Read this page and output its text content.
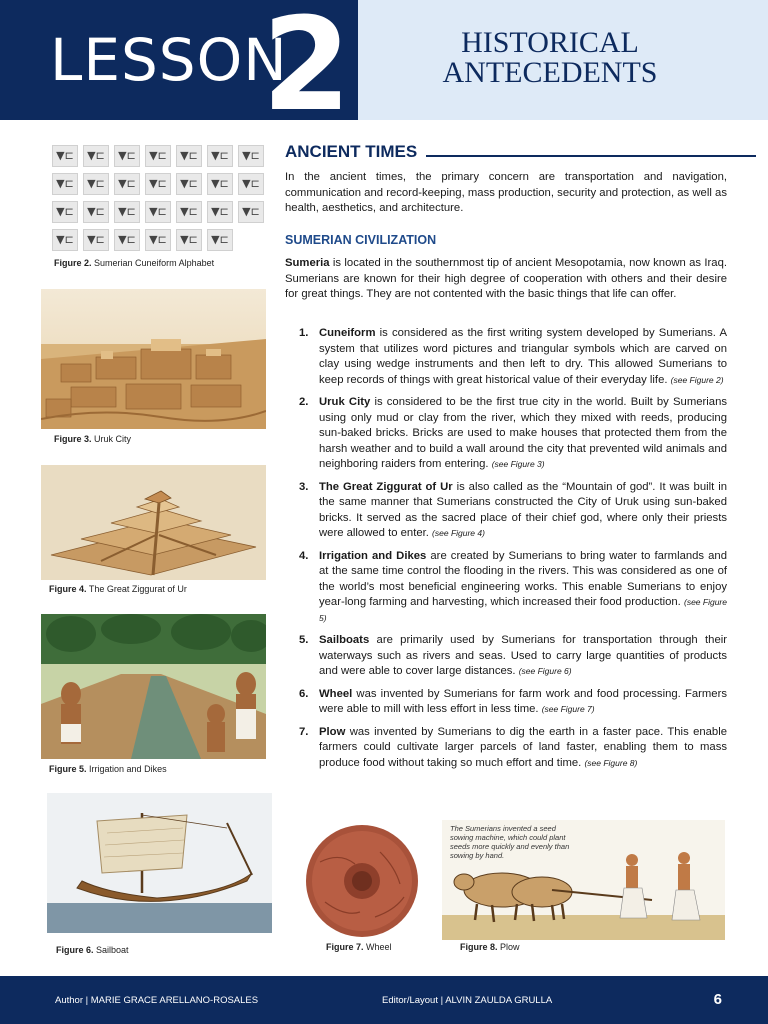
LESSON
2	HISTORICAL
ANTECEDENTS
▼⊏ ▼⊏ ▼⊏ ▼⊏ ▼⊏ ▼⊏ ▼⊏
▼⊏ ▼⊏ ▼⊏ ▼⊏ ▼⊏ ▼⊏ ▼⊏
▼⊏ ▼⊏ ▼⊏ ▼⊏ ▼⊏ ▼⊏ ▼⊏
▼⊏ ▼⊏ ▼⊏ ▼⊏ ▼⊏ ▼⊏
Figure 2. Sumerian Cuneiform Alphabet
Figure 3. Uruk City
Figure 4. The Great Ziggurat of Ur
Figure 5. Irrigation and Dikes
Figure 6. Sailboat
ANCIENT TIMES
In the ancient times, the primary concern are transportation and navigation, communication and record-keeping, mass production, security and protection, as well as health, aesthetics, and architecture.
SUMERIAN CIVILIZATION
Sumeria is located in the southernmost tip of ancient Mesopotamia, now known as Iraq. Sumerians are known for their high degree of cooperation with others and their desire for great things. They are not contented with the basic things that life can offer.
1. Cuneiform is considered as the first writing system developed by Sumerians. A system that utilizes word pictures and triangular symbols which are carved on clay using wedge instruments and then left to dry. This allowed Sumerians to keep records of things with great historical value of their everyday life. (see Figure 2)
2. Uruk City is considered to be the first true city in the world. Built by Sumerians using only mud or clay from the river, which they mixed with reeds, producing sun-baked bricks. Bricks are used to make houses that protected them from the harsh weather and to build a wall around the city that prevented wild animals and neighboring raiders from entering. (see Figure 3)
3. The Great Ziggurat of Ur is also called as the “Mountain of god”. It was built in the same manner that Sumerians constructed the City of Uruk using sun-baked bricks. It served as the sacred place of their chief god, where only their priests were allowed to enter. (see Figure 4)
4. Irrigation and Dikes are created by Sumerians to bring water to farmlands and at the same time control the flooding in the rivers. This was considered as one of the world’s most beneficial engineering works. This enable Sumerians to enjoy year-long farming and harvesting, which increased their food production. (see Figure 5)
5. Sailboats are primarily used by Sumerians for transportation through their waterways such as rivers and seas. Used to carry large quantities of products and were able to cover large distances. (see Figure 6)
6. Wheel was invented by Sumerians for farm work and food processing. Farmers were able to mill with less effort in less time. (see Figure 7)
7. Plow was invented by Sumerians to dig the earth in a faster pace. This enable farmers could cultivate larger parcels of land faster, enabling them to mass produce food without taking so much effort and time. (see Figure 8)
Figure 7. Wheel
The Sumerians invented a seed sowing machine, which could plant seeds more quickly and evenly than sowing by hand.
Figure 8. Plow
Author | MARIE GRACE ARELLANO-ROSALES	Editor/Layout | ALVIN ZAULDA GRULLA	6
